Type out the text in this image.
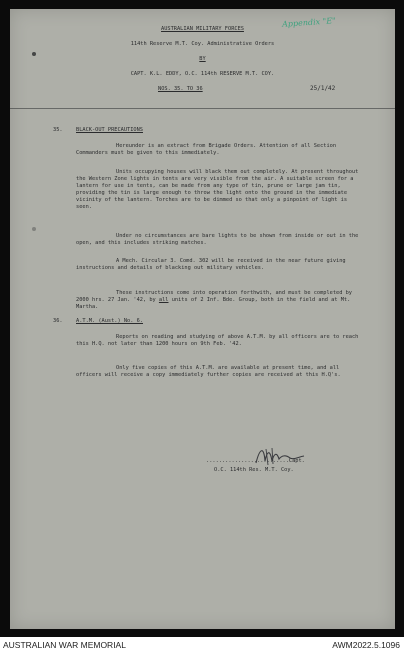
AUSTRALIAN MILITARY FORCES
Appendix "E"
114th Reserve M.T. Coy. Administrative Orders
BY
CAPT. K.L. EDDY, O.C. 114th RESERVE M.T. COY.
NOS. 35. TO 36	25/1/42
35.	BLACK-OUT PRECAUTIONS
Hereunder is an extract from Brigade Orders. Attention of all Section Commanders must be given to this immediately.
Units occupying houses will black them out completely. At present throughout the Western Zone lights in tents are very visible from the air. A suitable screen for a lantern for use in tents, can be made from any type of tin, prune or large jam tin, providing the tin is large enough to throw the light onto the ground in the immediate vicinity of the lantern. Torches are to be dimmed so that only a pinpoint of light is seen.
Under no circumstances are bare lights to be shown from inside or out in the open, and this includes striking matches.
A Mech. Circular 3. Comd. 302 will be received in the near future giving instructions and details of blacking out military vehicles.
These instructions come into operation forthwith, and must be completed by 2000 hrs. 27 Jan. '42, by all units of 2 Inf. Bde. Group, both in the field and at Mt. Martha.
36.	A.T.M. (Aust.) No. 6.
Reports on reading and studying of above A.T.M. by all officers are to reach this H.Q. not later than 1200 hours on 9th Feb. '42.
Only five copies of this A.T.M. are available at present time, and all officers will receive a copy immediately further copies are received at this H.Q's.
..........................Capt.
O.C. 114th Res. M.T. Coy.
AUSTRALIAN WAR MEMORIAL	AWM2022.5.1096
